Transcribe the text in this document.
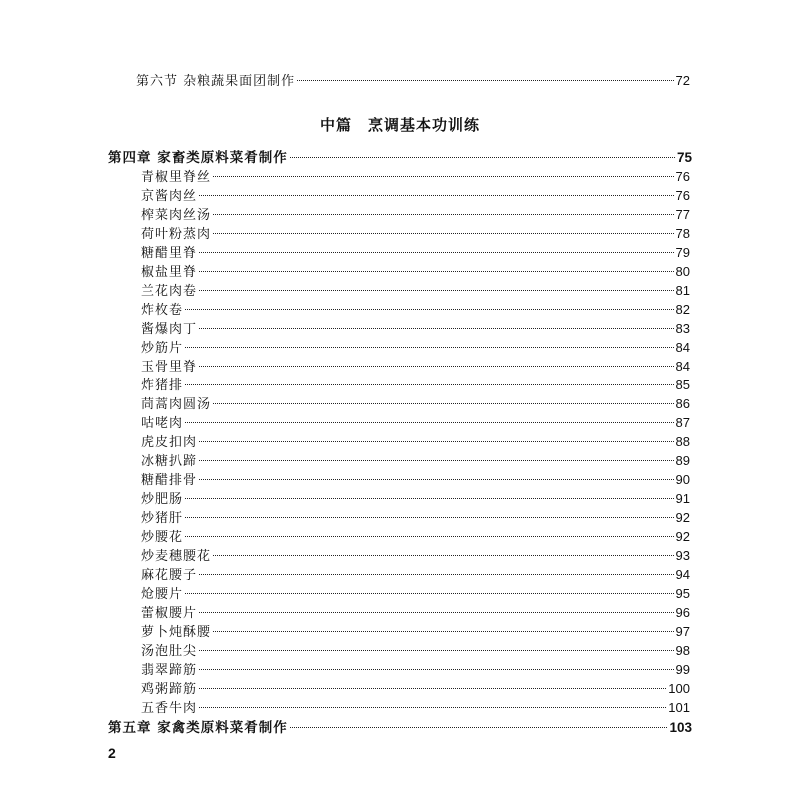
第六节 杂粮蔬果面团制作	72
中篇 烹调基本功训练
第四章 家畜类原料菜肴制作	75
青椒里脊丝	76
京酱肉丝	76
榨菜肉丝汤	77
荷叶粉蒸肉	78
糖醋里脊	79
椒盐里脊	80
兰花肉卷	81
炸枚卷	82
酱爆肉丁	83
炒筋片	84
玉骨里脊	84
炸猪排	85
茼蒿肉圆汤	86
咕咾肉	87
虎皮扣肉	88
冰糖扒蹄	89
糖醋排骨	90
炒肥肠	91
炒猪肝	92
炒腰花	92
炒麦穗腰花	93
麻花腰子	94
炝腰片	95
蕾椒腰片	96
萝卜炖酥腰	97
汤泡肚尖	98
翡翠蹄筋	99
鸡粥蹄筋	100
五香牛肉	101
第五章 家禽类原料菜肴制作	103
2
